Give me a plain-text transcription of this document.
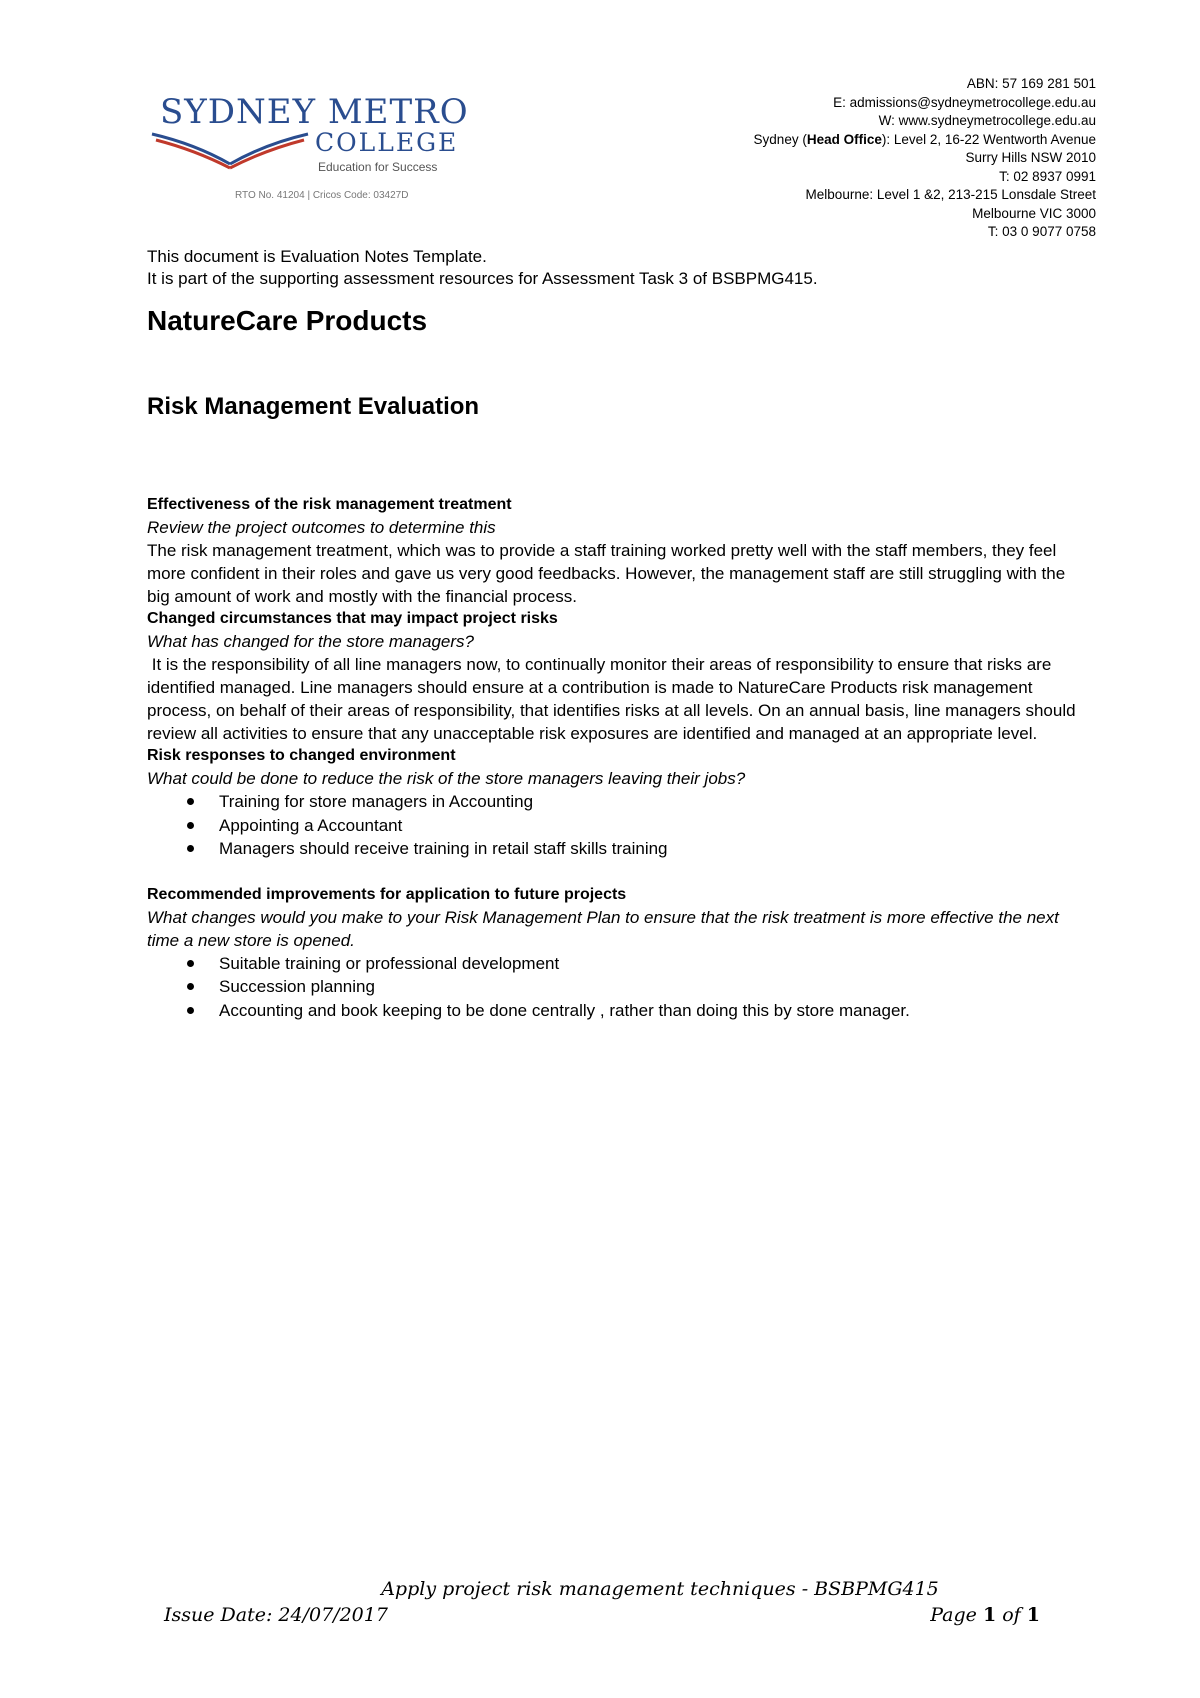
SYDNEY METRO
COLLEGE
Education for Success
RTO No. 41204 | Cricos Code: 03427D
ABN: 57 169 281 501
E: admissions@sydneymetrocollege.edu.au
W: www.sydneymetrocollege.edu.au
Sydney (Head Office): Level 2, 16-22 Wentworth Avenue
Surry Hills NSW 2010
T: 02 8937 0991
Melbourne: Level 1 &2, 213-215 Lonsdale Street
Melbourne VIC 3000
T: 03 0 9077 0758
This document is Evaluation Notes Template.
It is part of the supporting assessment resources for Assessment Task 3 of BSBPMG415.
NatureCare Products
Risk Management Evaluation
Effectiveness of the risk management treatment
Review the project outcomes to determine this

The risk management treatment, which was to provide a staff training worked pretty well with the staff members, they feel more confident in their roles and gave us very good feedbacks. However, the management staff are still struggling with the big amount of work and mostly with the financial process.

Changed circumstances that may impact project risks
What has changed for the store managers?

It is the responsibility of all line managers now, to continually monitor their areas of responsibility to ensure that risks are identified managed. Line managers should ensure at a contribution is made to NatureCare Products risk management process, on behalf of their areas of responsibility, that identifies risks at all levels. On an annual basis, line managers should review all activities to ensure that any unacceptable risk exposures are identified and managed at an appropriate level.

Risk responses to changed environment
What could be done to reduce the risk of the store managers leaving their jobs?
Training for store managers in Accounting
Appointing a Accountant
Managers should receive training in retail staff skills training
Recommended improvements for application to future projects
What changes would you make to your Risk Management Plan to ensure that the risk treatment is more effective the next time a new store is opened.
Suitable training or professional development
Succession planning
Accounting and book keeping to be done centrally , rather than doing this by store manager.
Apply project risk management techniques - BSBPMG415
Issue Date: 24/07/2017	Page 1 of 1
